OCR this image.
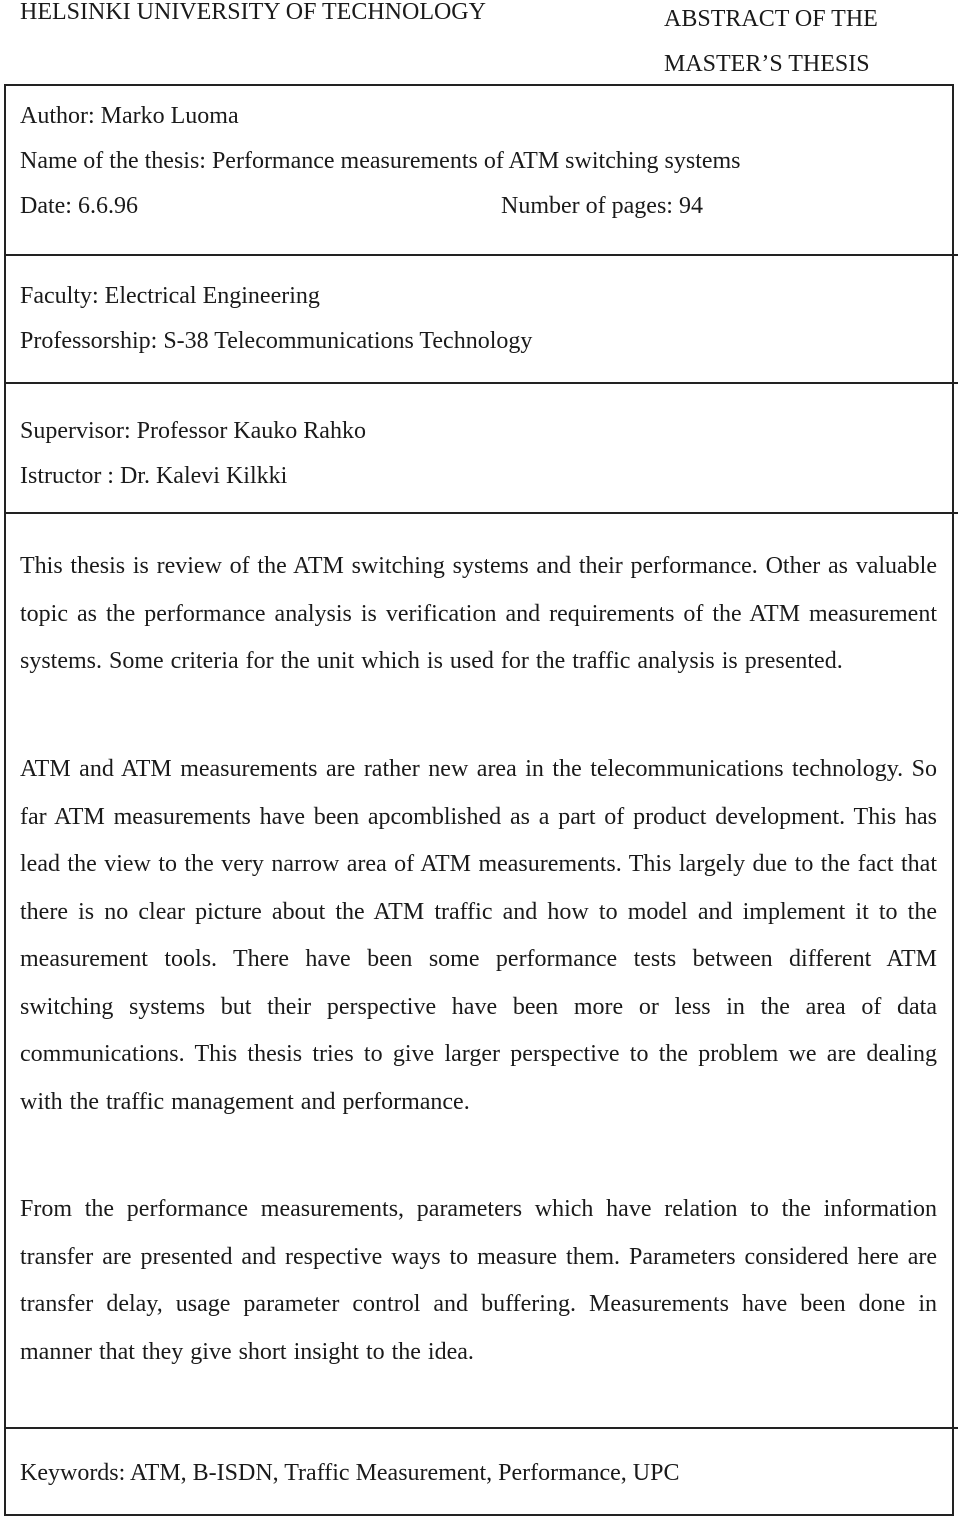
HELSINKI UNIVERSITY OF TECHNOLOGY	ABSTRACT OF THE
MASTER’S THESIS
Author: Marko Luoma
Name of the thesis: Performance measurements of ATM switching systems
Date: 6.6.96	Number of pages: 94
Faculty: Electrical Engineering
Professorship: S-38 Telecommunications Technology
Supervisor: Professor Kauko Rahko
Istructor : Dr. Kalevi Kilkki
This thesis is review of the ATM switching systems and their performance. Other as valuable topic as the performance analysis is verification and requirements of the ATM measurement systems. Some criteria for the unit which is used for the traffic analysis is presented.
ATM and ATM measurements are rather new area in the telecommunications technology. So far ATM measurements have been apcomblished as a part of product development. This has lead the view to the very narrow area of ATM measurements. This largely due to the fact that there is no clear picture about the ATM traffic and how to model and implement it to the measurement tools. There have been some performance tests between different ATM switching systems but their perspective have been more or less in the area of data communications. This thesis tries to give larger perspective to the problem we are dealing with the traffic management and performance.
From the performance measurements, parameters which have relation to the information transfer are presented and respective ways to measure them. Parameters considered here are transfer delay, usage parameter control and buffering. Measurements have been done in manner that they give short insight to the idea.
Keywords: ATM, B-ISDN, Traffic Measurement, Performance, UPC
